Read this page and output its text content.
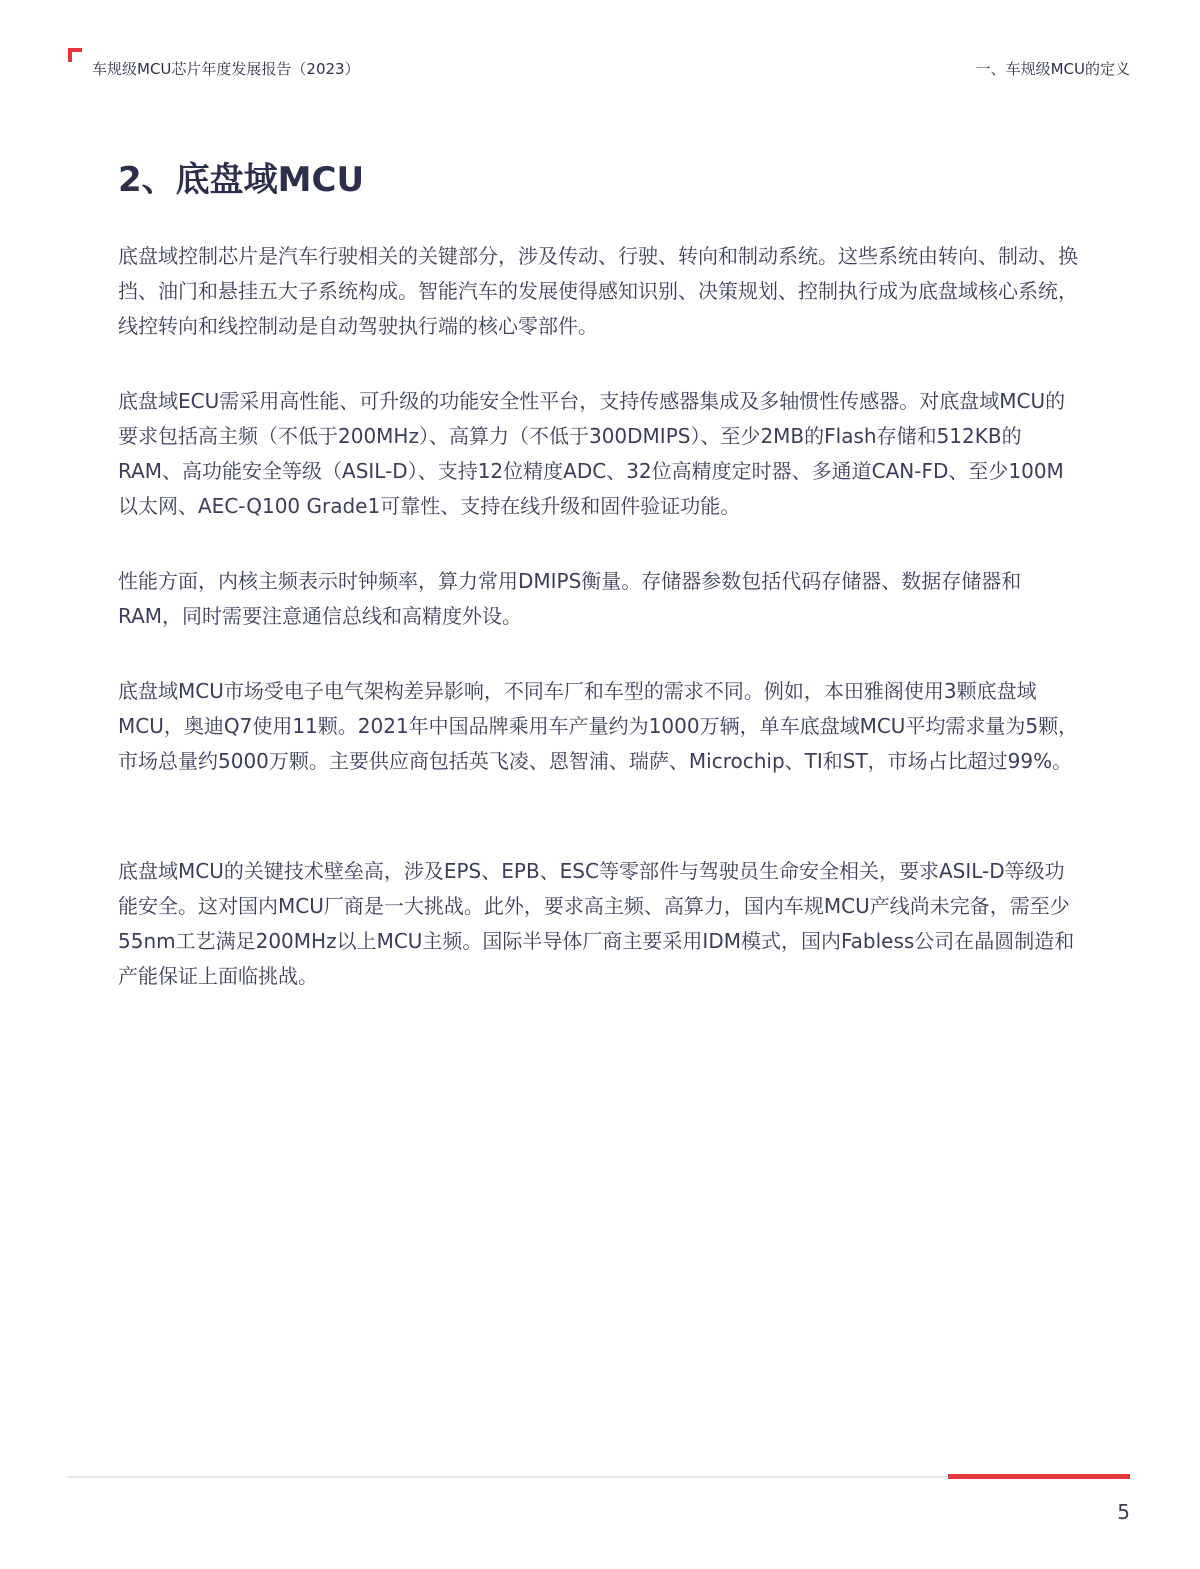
车规级MCU芯片年度发展报告（2023）	一、车规级MCU的定义
2、底盘域MCU

底盘域控制芯片是汽车行驶相关的关键部分，涉及传动、行驶、转向和制动系统。这些系统由转向、制动、换挡、油门和悬挂五大子系统构成。智能汽车的发展使得感知识别、决策规划、控制执行成为底盘域核心系统，线控转向和线控制动是自动驾驶执行端的核心零部件。

底盘域ECU需采用高性能、可升级的功能安全性平台，支持传感器集成及多轴惯性传感器。对底盘域MCU的要求包括高主频（不低于200MHz）、高算力（不低于300DMIPS）、至少2MB的Flash存储和512KB的RAM、高功能安全等级（ASIL-D）、支持12位精度ADC、32位高精度定时器、多通道CAN-FD、至少100M以太网、AEC-Q100 Grade1可靠性、支持在线升级和固件验证功能。

性能方面，内核主频表示时钟频率，算力常用DMIPS衡量。存储器参数包括代码存储器、数据存储器和RAM，同时需要注意通信总线和高精度外设。

底盘域MCU市场受电子电气架构差异影响，不同车厂和车型的需求不同。例如，本田雅阁使用3颗底盘域MCU，奥迪Q7使用11颗。2021年中国品牌乘用车产量约为1000万辆，单车底盘域MCU平均需求量为5颗，市场总量约5000万颗。主要供应商包括英飞凌、恩智浦、瑞萨、Microchip、TI和ST，市场占比超过99%。

底盘域MCU的关键技术壁垒高，涉及EPS、EPB、ESC等零部件与驾驶员生命安全相关，要求ASIL-D等级功能安全。这对国内MCU厂商是一大挑战。此外，要求高主频、高算力，国内车规MCU产线尚未完备，需至少55nm工艺满足200MHz以上MCU主频。国际半导体厂商主要采用IDM模式，国内Fabless公司在晶圆制造和产能保证上面临挑战。

5
